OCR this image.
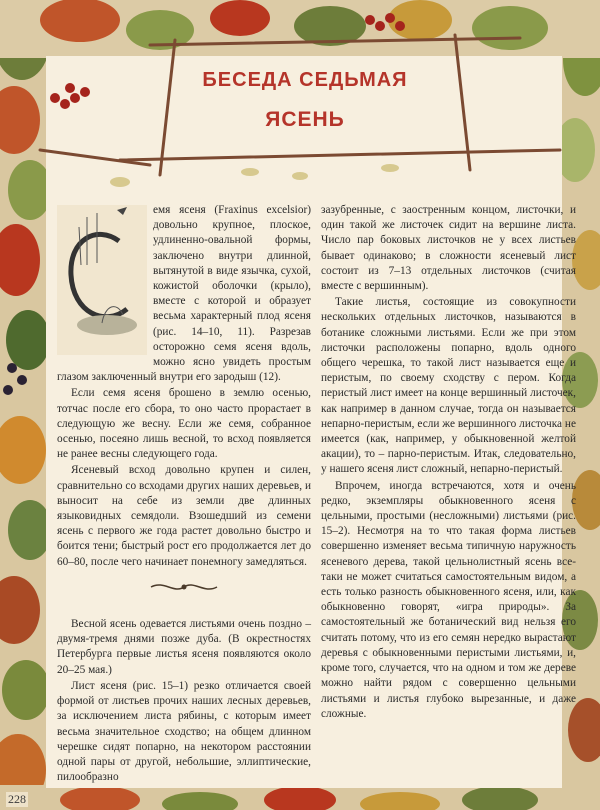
БЕСЕДА СЕДЬМАЯ
ЯСЕНЬ

емя ясеня (Fraxinus excelsior) довольно крупное, плоское, удлиненно-овальной формы, заключено внутри длинной, вытянутой в виде язычка, сухой, кожистой оболочки (крыло), вместе с которой и образует весьма характерный плод ясеня (рис. 14–10, 11). Разрезав осторожно семя ясеня вдоль, можно ясно увидеть простым глазом заключенный внутри его зародыш (12).

Если семя ясеня брошено в землю осенью, тотчас после его сбора, то оно часто прорастает в следующую же весну. Если же семя, собранное осенью, посеяно лишь весной, то всход появляется не ранее весны следующего года.

Ясеневый всход довольно крупен и силен, сравнительно со всходами других наших деревьев, и выносит на себе из земли две длинных языковидных семядоли. Взошедший из семени ясень с первого же года растет довольно быстро и боится тени; быстрый рост его продолжается лет до 60–80, после чего начинает понемногу замедляться.

Весной ясень одевается листьями очень поздно – двумя-тремя днями позже дуба. (В окрестностях Петербурга первые листья ясеня появляются около 20–25 мая.)

Лист ясеня (рис. 15–1) резко отличается своей формой от листьев прочих наших лесных деревьев, за исключением листа рябины, с которым имеет весьма значительное сходство; на общем длинном черешке сидят попарно, на некотором расстоянии одной пары от другой, небольшие, эллиптические, пилообразно

зазубренные, с заостренным концом, листочки, и один такой же листочек сидит на вершине листа. Число пар боковых листочков не у всех листьев бывает одинаково; в сложности ясеневый лист состоит из 7–13 отдельных листочков (считая вместе с вершинным).

Такие листья, состоящие из совокупности нескольких отдельных листочков, называются в ботанике сложными листьями. Если же при этом листочки расположены попарно, вдоль одного общего черешка, то такой лист называется еще и перистым, по своему сходству с пером. Когда перистый лист имеет на конце вершинный листочек, как например в данном случае, тогда он называется непарно-перистым, если же вершинного листочка не имеется (как, например, у обыкновенной желтой акации), то – парно-перистым. Итак, следовательно, у нашего ясеня лист сложный, непарно-перистый.

Впрочем, иногда встречаются, хотя и очень редко, экземпляры обыкновенного ясеня с цельными, простыми (несложными) листьями (рис. 15–2). Несмотря на то что такая форма листьев совершенно изменяет весьма типичную наружность ясеневого дерева, такой цельнолистный ясень все-таки не может считаться самостоятельным видом, а есть только разность обыкновенного ясеня, или, как обыкновенно говорят, «игра природы». За самостоятельный же ботанический вид нельзя его считать потому, что из его семян нередко вырастают деревья с обыкновенными перистыми листьями, и, кроме того, случается, что на одном и том же дереве можно найти рядом с совершенно цельными листьями и листья глубоко вырезанные, и даже сложные.

228
